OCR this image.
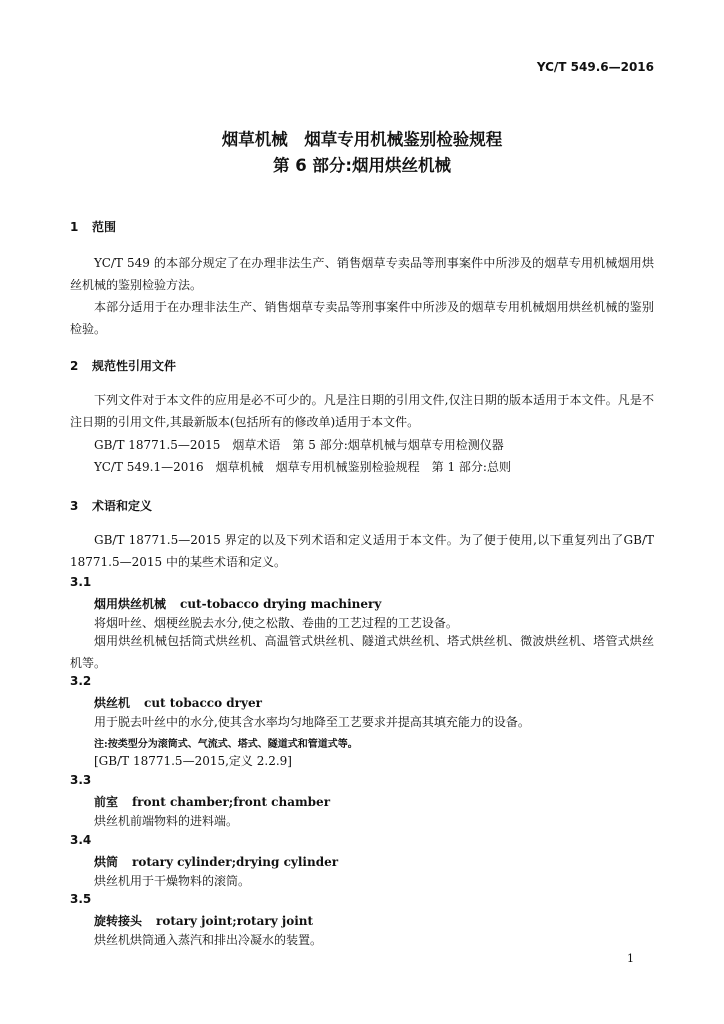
YC/T 549.6—2016
烟草机械　烟草专用机械鉴别检验规程
第 6 部分:烟用烘丝机械
1 范围
YC/T 549 的本部分规定了在办理非法生产、销售烟草专卖品等刑事案件中所涉及的烟草专用机械烟用烘丝机械的鉴别检验方法。
本部分适用于在办理非法生产、销售烟草专卖品等刑事案件中所涉及的烟草专用机械烟用烘丝机械的鉴别检验。
2 规范性引用文件
下列文件对于本文件的应用是必不可少的。凡是注日期的引用文件,仅注日期的版本适用于本文件。凡是不注日期的引用文件,其最新版本(包括所有的修改单)适用于本文件。
GB/T 18771.5—2015　烟草术语　第 5 部分:烟草机械与烟草专用检测仪器
YC/T 549.1—2016　烟草机械　烟草专用机械鉴别检验规程　第 1 部分:总则
3 术语和定义
GB/T 18771.5—2015 界定的以及下列术语和定义适用于本文件。为了便于使用,以下重复列出了GB/T 18771.5—2015 中的某些术语和定义。
3.1
烟用烘丝机械 cut-tobacco drying machinery
将烟叶丝、烟梗丝脱去水分,使之松散、卷曲的工艺过程的工艺设备。
烟用烘丝机械包括筒式烘丝机、高温管式烘丝机、隧道式烘丝机、塔式烘丝机、微波烘丝机、塔管式烘丝机等。
3.2
烘丝机 cut tobacco dryer
用于脱去叶丝中的水分,使其含水率均匀地降至工艺要求并提高其填充能力的设备。
注:按类型分为滚筒式、气流式、塔式、隧道式和管道式等。
[GB/T 18771.5—2015,定义 2.2.9]
3.3
前室 front chamber;front chamber
烘丝机前端物料的进料端。
3.4
烘筒 rotary cylinder;drying cylinder
烘丝机用于干燥物料的滚筒。
3.5
旋转接头 rotary joint;rotary joint
烘丝机烘筒通入蒸汽和排出冷凝水的装置。
1
